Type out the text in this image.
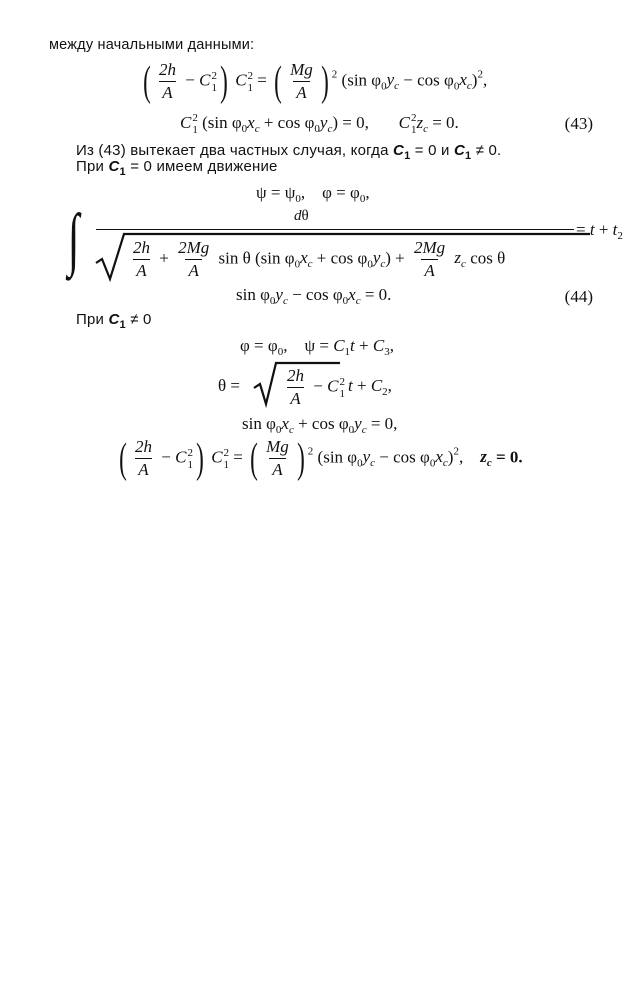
между начальными данными:
( $\frac{2h}{A} - C$ 2
1 ) C 2
1 = ( $\frac{Mg}{A}$ ) $^2$ (sin $\varphi_0y_c - \cos \varphi_0x_c)^2$,
C 2
1 (sin $\varphi_0x_c + \cos \varphi_0y_c) = 0$,       C 2
1 $z_c = 0$.	(43)
Из (43) вытекает два частных случая, когда $C_1 = 0$ и $C_1 \ne 0$.
При $C_1 = 0$ имеем движение
$\psi = \psi_0$,    $\varphi = \varphi_0$,
∫	dθ
$\frac{2h}{A} + \frac{2Mg}{A}$ sin θ (sin $\varphi_0x_c + \cos \varphi_0y_c) + \frac{2Mg}{A} z_c$ cos θ
= $t + t_2$
$\sin \varphi_0y_c - \cos \varphi_0x_c = 0$.	(44)
При $C_1 \ne 0$
$\varphi = \varphi_0$,    $\psi = C_1t + C_3$,
θ =	$\frac{2h}{A} - C$ 2
1 $t + C_2$,
$\sin \varphi_0x_c + \cos \varphi_0y_c = 0$,
( $\frac{2h}{A} - C$ 2
1 ) C 2
1 = ( $\frac{Mg}{A}$ ) $^2$ (sin $\varphi_0y_c - \cos \varphi_0x_c)^2$,    $z_c = 0$.
